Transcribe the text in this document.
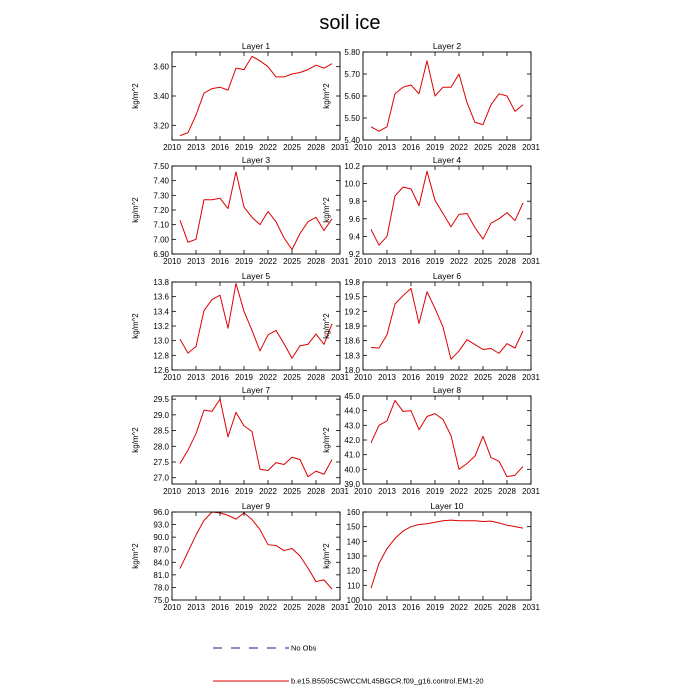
soil ice
Layer 1
2010 2013 2016 2019 2022 2025 2028 2031
3.20
3.40
3.60
kg/m^2
Layer 2
2010 2013 2016 2019 2022 2025 2028 2031
5.40
5.50
5.60
5.70
5.80
kg/m^2
Layer 3
2010 2013 2016 2019 2022 2025 2028 2031
6.90
7.00
7.10
7.20
7.30
7.40
7.50
kg/m^2
Layer 4
2010 2013 2016 2019 2022 2025 2028 2031
9.2
9.4
9.6
9.8
10.0
10.2
kg/m^2
Layer 5
2010 2013 2016 2019 2022 2025 2028 2031
12.6
12.8
13.0
13.2
13.4
13.6
13.8
kg/m^2
Layer 6
2010 2013 2016 2019 2022 2025 2028 2031
18.0
18.3
18.6
18.9
19.2
19.5
19.8
kg/m^2
Layer 7
2010 2013 2016 2019 2022 2025 2028 2031
27.0
27.5
28.0
28.5
29.0
29.5
kg/m^2
Layer 8
2010 2013 2016 2019 2022 2025 2028 2031
39.0
40.0
41.0
42.0
43.0
44.0
45.0
kg/m^2
Layer 9
2010 2013 2016 2019 2022 2025 2028 2031
75.0
78.0
81.0
84.0
87.0
90.0
93.0
96.0
kg/m^2
Layer 10
2010 2013 2016 2019 2022 2025 2028 2031
100
110
120
130
140
150
160
kg/m^2
No Obs
b.e15.B5505C5WCCML45BGCR.f09_g16.control.EM1-20
